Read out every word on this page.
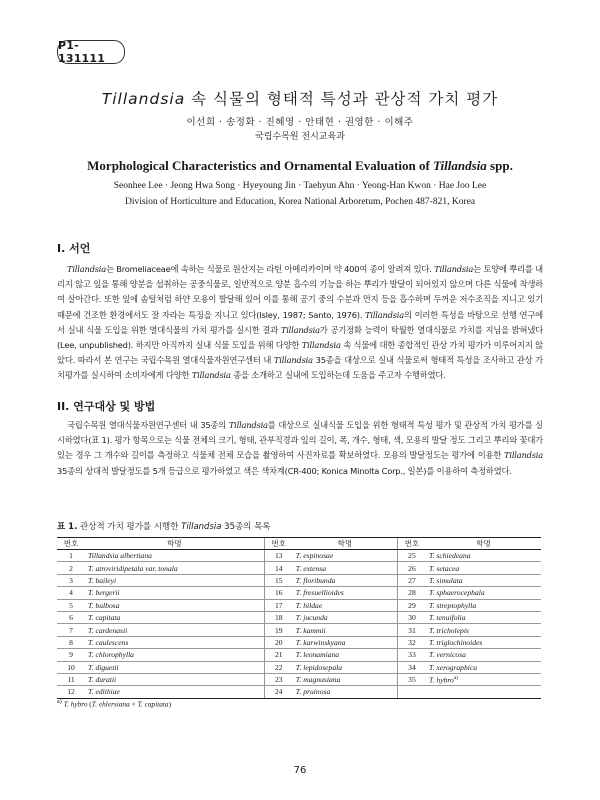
P1-131111
Tillandsia 속 식물의 형태적 특성과 관상적 가치 평가
이선희 · 송정화 · 진혜영 · 안태현 · 권영한 · 이해주
국립수목원 전시교육과
Morphological Characteristics and Ornamental Evaluation of Tillandsia spp.
Seonhee Lee · Jeong Hwa Song · Hyeyoung Jin · Taehyun Ahn · Yeong-Han Kwon · Hae Joo Lee
Division of Horticulture and Education, Korea National Arboretum, Pochen 487-821, Korea
I. 서언
Tillandsia는 Bromeliaceae에 속하는 식물로 원산지는 라틴 아메리카이며 약 400여 종이 알려져 있다. Tillandsia는 토양에 뿌리를 내리지 않고 잎을 통해 양분을 섭취하는 공중식물로, 일반적으로 양분 흡수의 기능을 하는 뿌리가 발달이 되어있지 않으며 다른 식물에 착생하여 살아간다. 또한 잎에 솜털처럼 하얀 모용이 발달해 있어 이를 통해 공기 중의 수분과 먼지 등을 흡수하며 두꺼운 저수조직을 지니고 있기 때문에 건조한 환경에서도 잘 자라는 특징을 지니고 있다(Isley, 1987; Santo, 1976). Tillandsia의 이러한 특성을 바탕으로 선행 연구에서 실내 식물 도입을 위한 열대식물의 가치 평가를 실시한 결과 Tillandsia가 공기정화 능력이 탁월한 열대식물로 가치를 지님을 밝혀냈다(Lee, unpublished). 하지만 아직까지 실내 식물 도입을 위해 다양한 Tillandsia 속 식물에 대한 종합적인 관상 가치 평가가 이루어지지 않았다. 따라서 본 연구는 국립수목원 열대식물자원연구센터 내 Tillandsia 35종을 대상으로 실내 식물로써 형태적 특성을 조사하고 관상 가치평가를 실시하여 소비자에게 다양한 Tillandsia 종을 소개하고 실내에 도입하는데 도움을 주고자 수행하였다.
II. 연구대상 및 방법
국립수목원 열대식물자원연구센터 내 35종의 Tillandsia를 대상으로 실내식물 도입을 위한 형태적 특성 평가 및 관상적 가치 평가를 실시하였다(표 1). 평가 항목으로는 식물 전체의 크기, 형태, 관부직경과 잎의 길이, 폭, 개수, 형태, 색, 모용의 발달 정도 그리고 뿌리와 꽃대가 있는 경우 그 개수와 길이를 측정하고 식물체 전체 모습을 촬영하여 사진자료를 확보하였다. 모용의 발달정도는 평가에 이용한 Tillandsia 35종의 상대적 발달정도를 5개 등급으로 평가하였고 색은 색차계(CR-400; Konica Minolta Corp., 일본)를 이용하여 측정하였다.
표 1. 관상적 가치 평가를 시행한 Tillandsia 35종의 목록
번호	학명	번호	학명	번호	학명
1	Tillandsia albertiana	13	T. espinosae	25	T. schiedeana
2	T. atroviridipetala var. tonala	14	T. extensa	26	T. setacea
3	T. baileyi	15	T. floribunda	27	T. simulata
4	T. bergerii	16	T. fresuellioides	28	T. sphaerocephala
5	T. bulbosa	17	T. hildae	29	T. streptophylla
6	T. capitata	18	T. jucunda	30	T. tenuifolia
7	T. cardenasii	19	T. kammii	31	T. tricholepis
8	T. caulescens	20	T. karwinskyana	32	T. triglochinoides
9	T. chlorophylla	21	T. leonamiana	33	T. vernicosa
10	T. diguetii	22	T. lepidosepala	34	T. xerographica
11	T. duratii	23	T. magnusiana	35	T. hybro$^{a)}$
12	T. edithiae	24	T. pruinosa		
$^{a)}$ T. hybro (T. ehlersiana × T. capitata)
76
